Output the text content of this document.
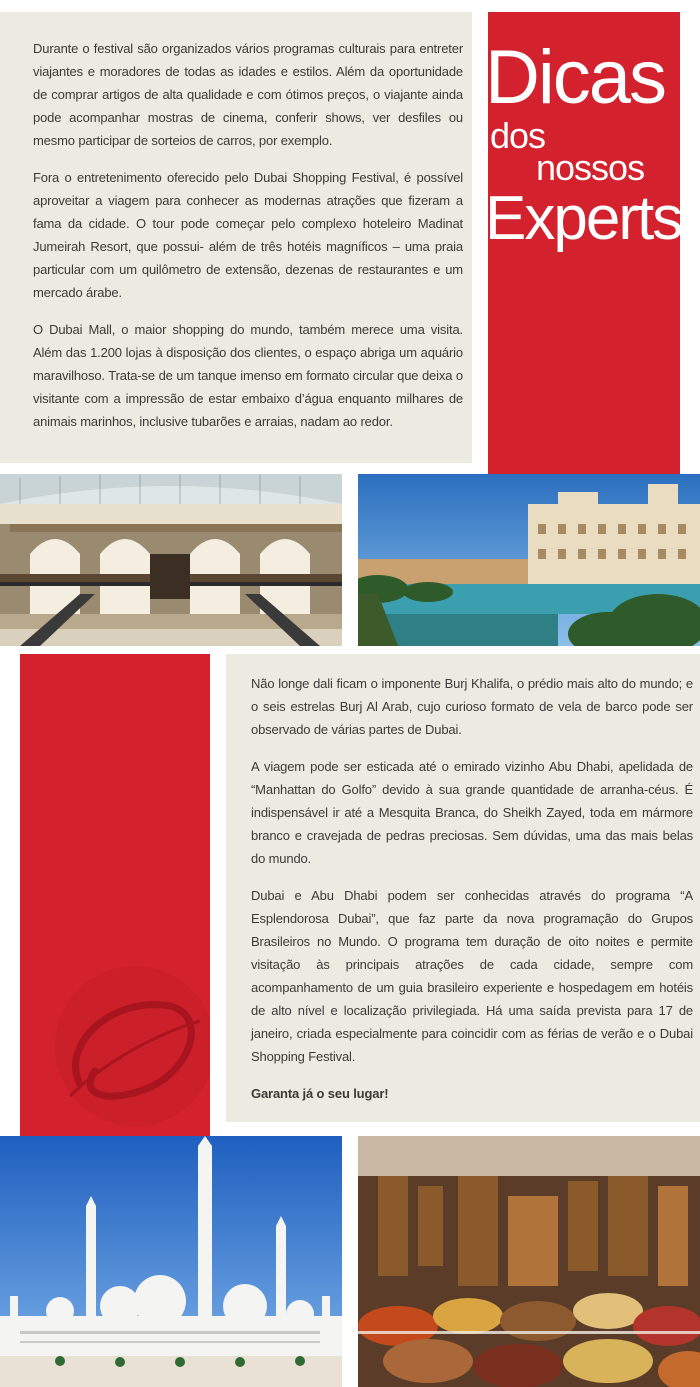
Durante o festival são organizados vários programas culturais para entreter viajantes e moradores de todas as idades e estilos. Além da oportunidade de comprar artigos de alta qualidade e com ótimos preços, o viajante ainda pode acompanhar mostras de cinema, conferir shows, ver desfiles ou mesmo participar de sorteios de carros, por exemplo.

Fora o entretenimento oferecido pelo Dubai Shopping Festival, é possível aproveitar a viagem para conhecer as modernas atrações que fizeram a fama da cidade. O tour pode começar pelo complexo hoteleiro Madinat Jumeirah Resort, que possui- além de três hotéis magníficos – uma praia particular com um quilômetro de extensão, dezenas de restaurantes e um mercado árabe.

O Dubai Mall, o maior shopping do mundo, também merece uma visita. Além das 1.200 lojas à disposição dos clientes, o espaço abriga um aquário maravilhoso. Trata-se de um tanque imenso em formato circular que deixa o visitante com a impressão de estar embaixo d’água enquanto milhares de animais marinhos, inclusive tubarões e arraias, nadam ao redor.

Dicas
dos
nossos
Experts

Não longe dali ficam o imponente Burj Khalifa, o prédio mais alto do mundo; e o seis estrelas Burj Al Arab, cujo curioso formato de vela de barco pode ser observado de várias partes de Dubai.

A viagem pode ser esticada até o emirado vizinho Abu Dhabi, apelidada de “Manhattan do Golfo” devido à sua grande quantidade de arranha-céus. É indispensável ir até a Mesquita Branca, do Sheikh Zayed, toda em mármore branco e cravejada de pedras preciosas. Sem dúvidas, uma das mais belas do mundo.

Dubai e Abu Dhabi podem ser conhecidas através do programa “A Esplendorosa Dubai”, que faz parte da nova programação do Grupos Brasileiros no Mundo. O programa tem duração de oito noites e permite visitação às principais atrações de cada cidade, sempre com acompanhamento de um guia brasileiro experiente e hospedagem em hotéis de alto nível e localização privilegiada. Há uma saída prevista para 17 de janeiro, criada especialmente para coincidir com as férias de verão e o Dubai Shopping Festival.

Garanta já o seu lugar!
